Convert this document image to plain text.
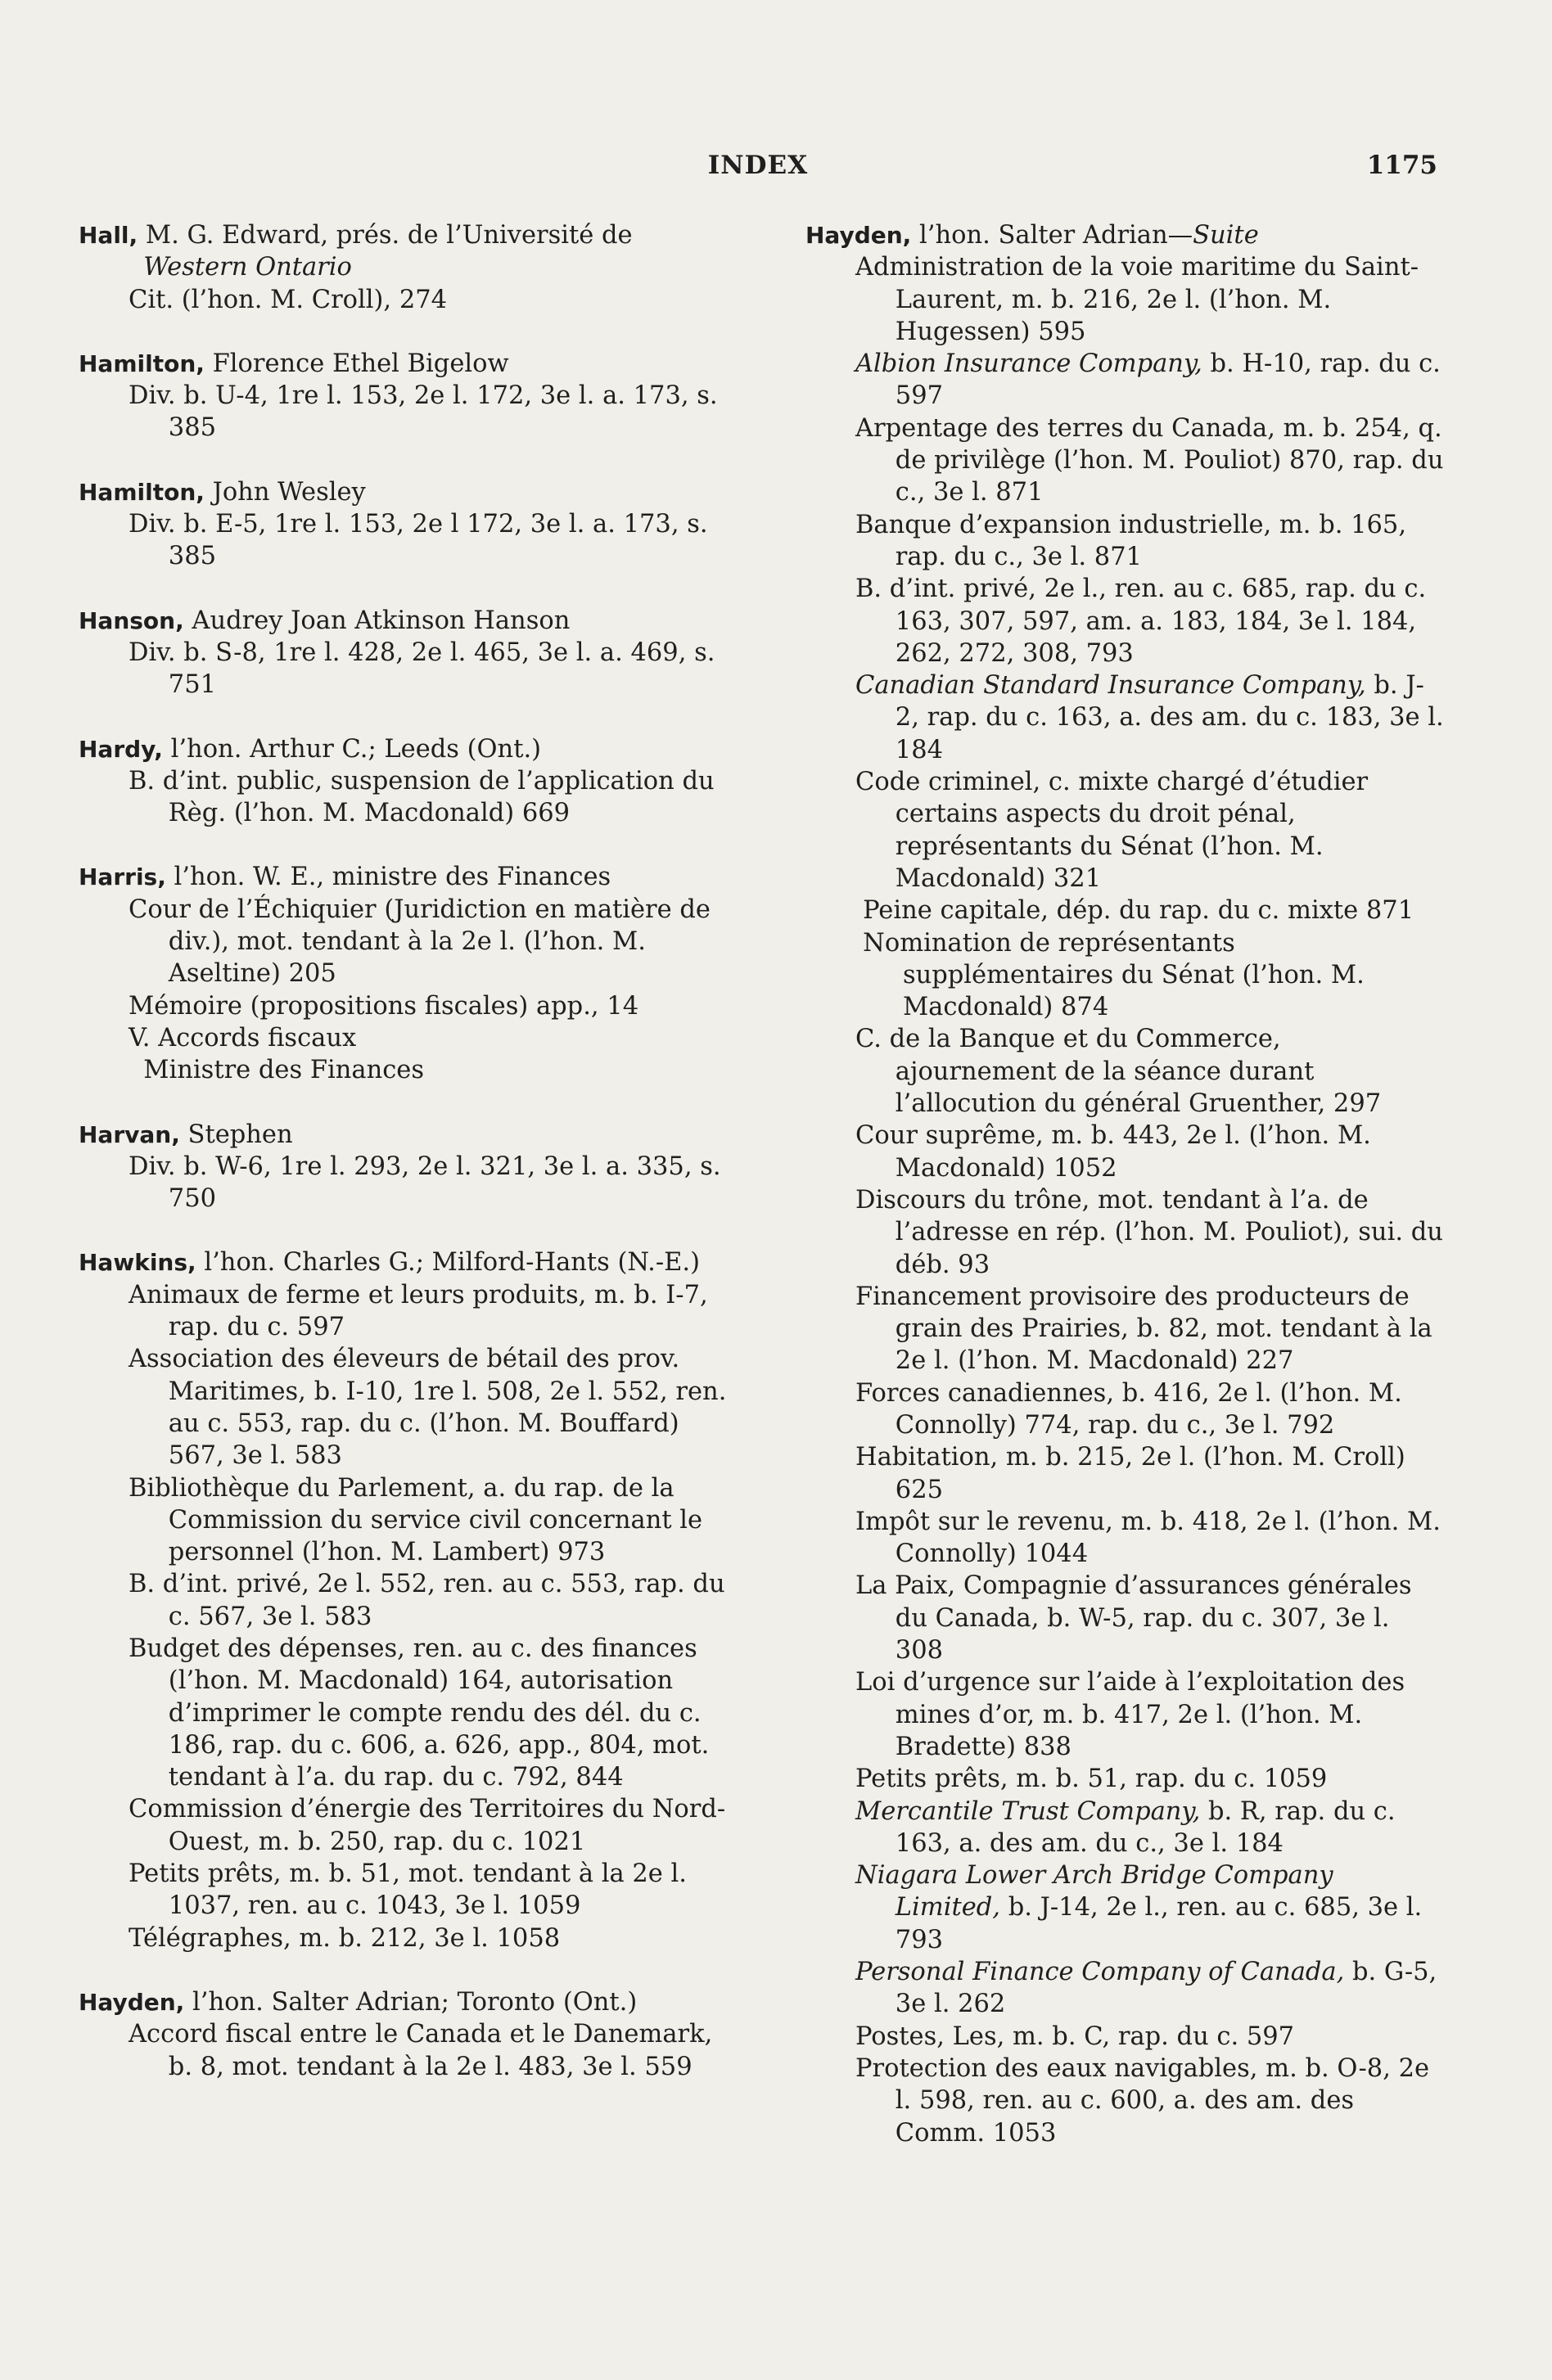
INDEX	1175
Hall, M. G. Edward, prés. de l’Université de
Western Ontario
Cit. (l’hon. M. Croll), 274
Hamilton, Florence Ethel Bigelow
Div. b. U-4, 1re l. 153, 2e l. 172, 3e l. a. 173, s. 385
Hamilton, John Wesley
Div. b. E-5, 1re l. 153, 2e l 172, 3e l. a. 173, s. 385
Hanson, Audrey Joan Atkinson Hanson
Div. b. S-8, 1re l. 428, 2e l. 465, 3e l. a. 469, s. 751
Hardy, l’hon. Arthur C.; Leeds (Ont.)
B. d’int. public, suspension de l’application du Règ. (l’hon. M. Macdonald) 669
Harris, l’hon. W. E., ministre des Finances
Cour de l’Échiquier (Juridiction en matière de div.), mot. tendant à la 2e l. (l’hon. M. Aseltine) 205
Mémoire (propositions fiscales) app., 14
V. Accords fiscaux
Ministre des Finances
Harvan, Stephen
Div. b. W-6, 1re l. 293, 2e l. 321, 3e l. a. 335, s. 750
Hawkins, l’hon. Charles G.; Milford-Hants (N.-E.)
Animaux de ferme et leurs produits, m. b. I-7, rap. du c. 597
Association des éleveurs de bétail des prov. Maritimes, b. I-10, 1re l. 508, 2e l. 552, ren. au c. 553, rap. du c. (l’hon. M. Bouffard) 567, 3e l. 583
Bibliothèque du Parlement, a. du rap. de la Commission du service civil concernant le personnel (l’hon. M. Lambert) 973
B. d’int. privé, 2e l. 552, ren. au c. 553, rap. du c. 567, 3e l. 583
Budget des dépenses, ren. au c. des finances (l’hon. M. Macdonald) 164, autorisation d’imprimer le compte rendu des dél. du c. 186, rap. du c. 606, a. 626, app., 804, mot. tendant à l’a. du rap. du c. 792, 844
Commission d’énergie des Territoires du Nord-Ouest, m. b. 250, rap. du c. 1021
Petits prêts, m. b. 51, mot. tendant à la 2e l. 1037, ren. au c. 1043, 3e l. 1059
Télégraphes, m. b. 212, 3e l. 1058
Hayden, l’hon. Salter Adrian; Toronto (Ont.)
Accord fiscal entre le Canada et le Danemark, b. 8, mot. tendant à la 2e l. 483, 3e l. 559
Hayden, l’hon. Salter Adrian—Suite
Administration de la voie maritime du Saint-Laurent, m. b. 216, 2e l. (l’hon. M. Hugessen) 595
Albion Insurance Company, b. H-10, rap. du c. 597
Arpentage des terres du Canada, m. b. 254, q. de privilège (l’hon. M. Pouliot) 870, rap. du c., 3e l. 871
Banque d’expansion industrielle, m. b. 165, rap. du c., 3e l. 871
B. d’int. privé, 2e l., ren. au c. 685, rap. du c. 163, 307, 597, am. a. 183, 184, 3e l. 184, 262, 272, 308, 793
Canadian Standard Insurance Company, b. J-2, rap. du c. 163, a. des am. du c. 183, 3e l. 184
Code criminel, c. mixte chargé d’étudier certains aspects du droit pénal, représentants du Sénat (l’hon. M. Macdonald) 321
Peine capitale, dép. du rap. du c. mixte 871
Nomination de représentants supplémentaires du Sénat (l’hon. M. Macdonald) 874
C. de la Banque et du Commerce, ajournement de la séance durant l’allocution du général Gruenther, 297
Cour suprême, m. b. 443, 2e l. (l’hon. M. Macdonald) 1052
Discours du trône, mot. tendant à l’a. de l’adresse en rép. (l’hon. M. Pouliot), sui. du déb. 93
Financement provisoire des producteurs de grain des Prairies, b. 82, mot. tendant à la 2e l. (l’hon. M. Macdonald) 227
Forces canadiennes, b. 416, 2e l. (l’hon. M. Connolly) 774, rap. du c., 3e l. 792
Habitation, m. b. 215, 2e l. (l’hon. M. Croll) 625
Impôt sur le revenu, m. b. 418, 2e l. (l’hon. M. Connolly) 1044
La Paix, Compagnie d’assurances générales du Canada, b. W-5, rap. du c. 307, 3e l. 308
Loi d’urgence sur l’aide à l’exploitation des mines d’or, m. b. 417, 2e l. (l’hon. M. Bradette) 838
Petits prêts, m. b. 51, rap. du c. 1059
Mercantile Trust Company, b. R, rap. du c. 163, a. des am. du c., 3e l. 184
Niagara Lower Arch Bridge Company Limited, b. J-14, 2e l., ren. au c. 685, 3e l. 793
Personal Finance Company of Canada, b. G-5, 3e l. 262
Postes, Les, m. b. C, rap. du c. 597
Protection des eaux navigables, m. b. O-8, 2e l. 598, ren. au c. 600, a. des am. des Comm. 1053
